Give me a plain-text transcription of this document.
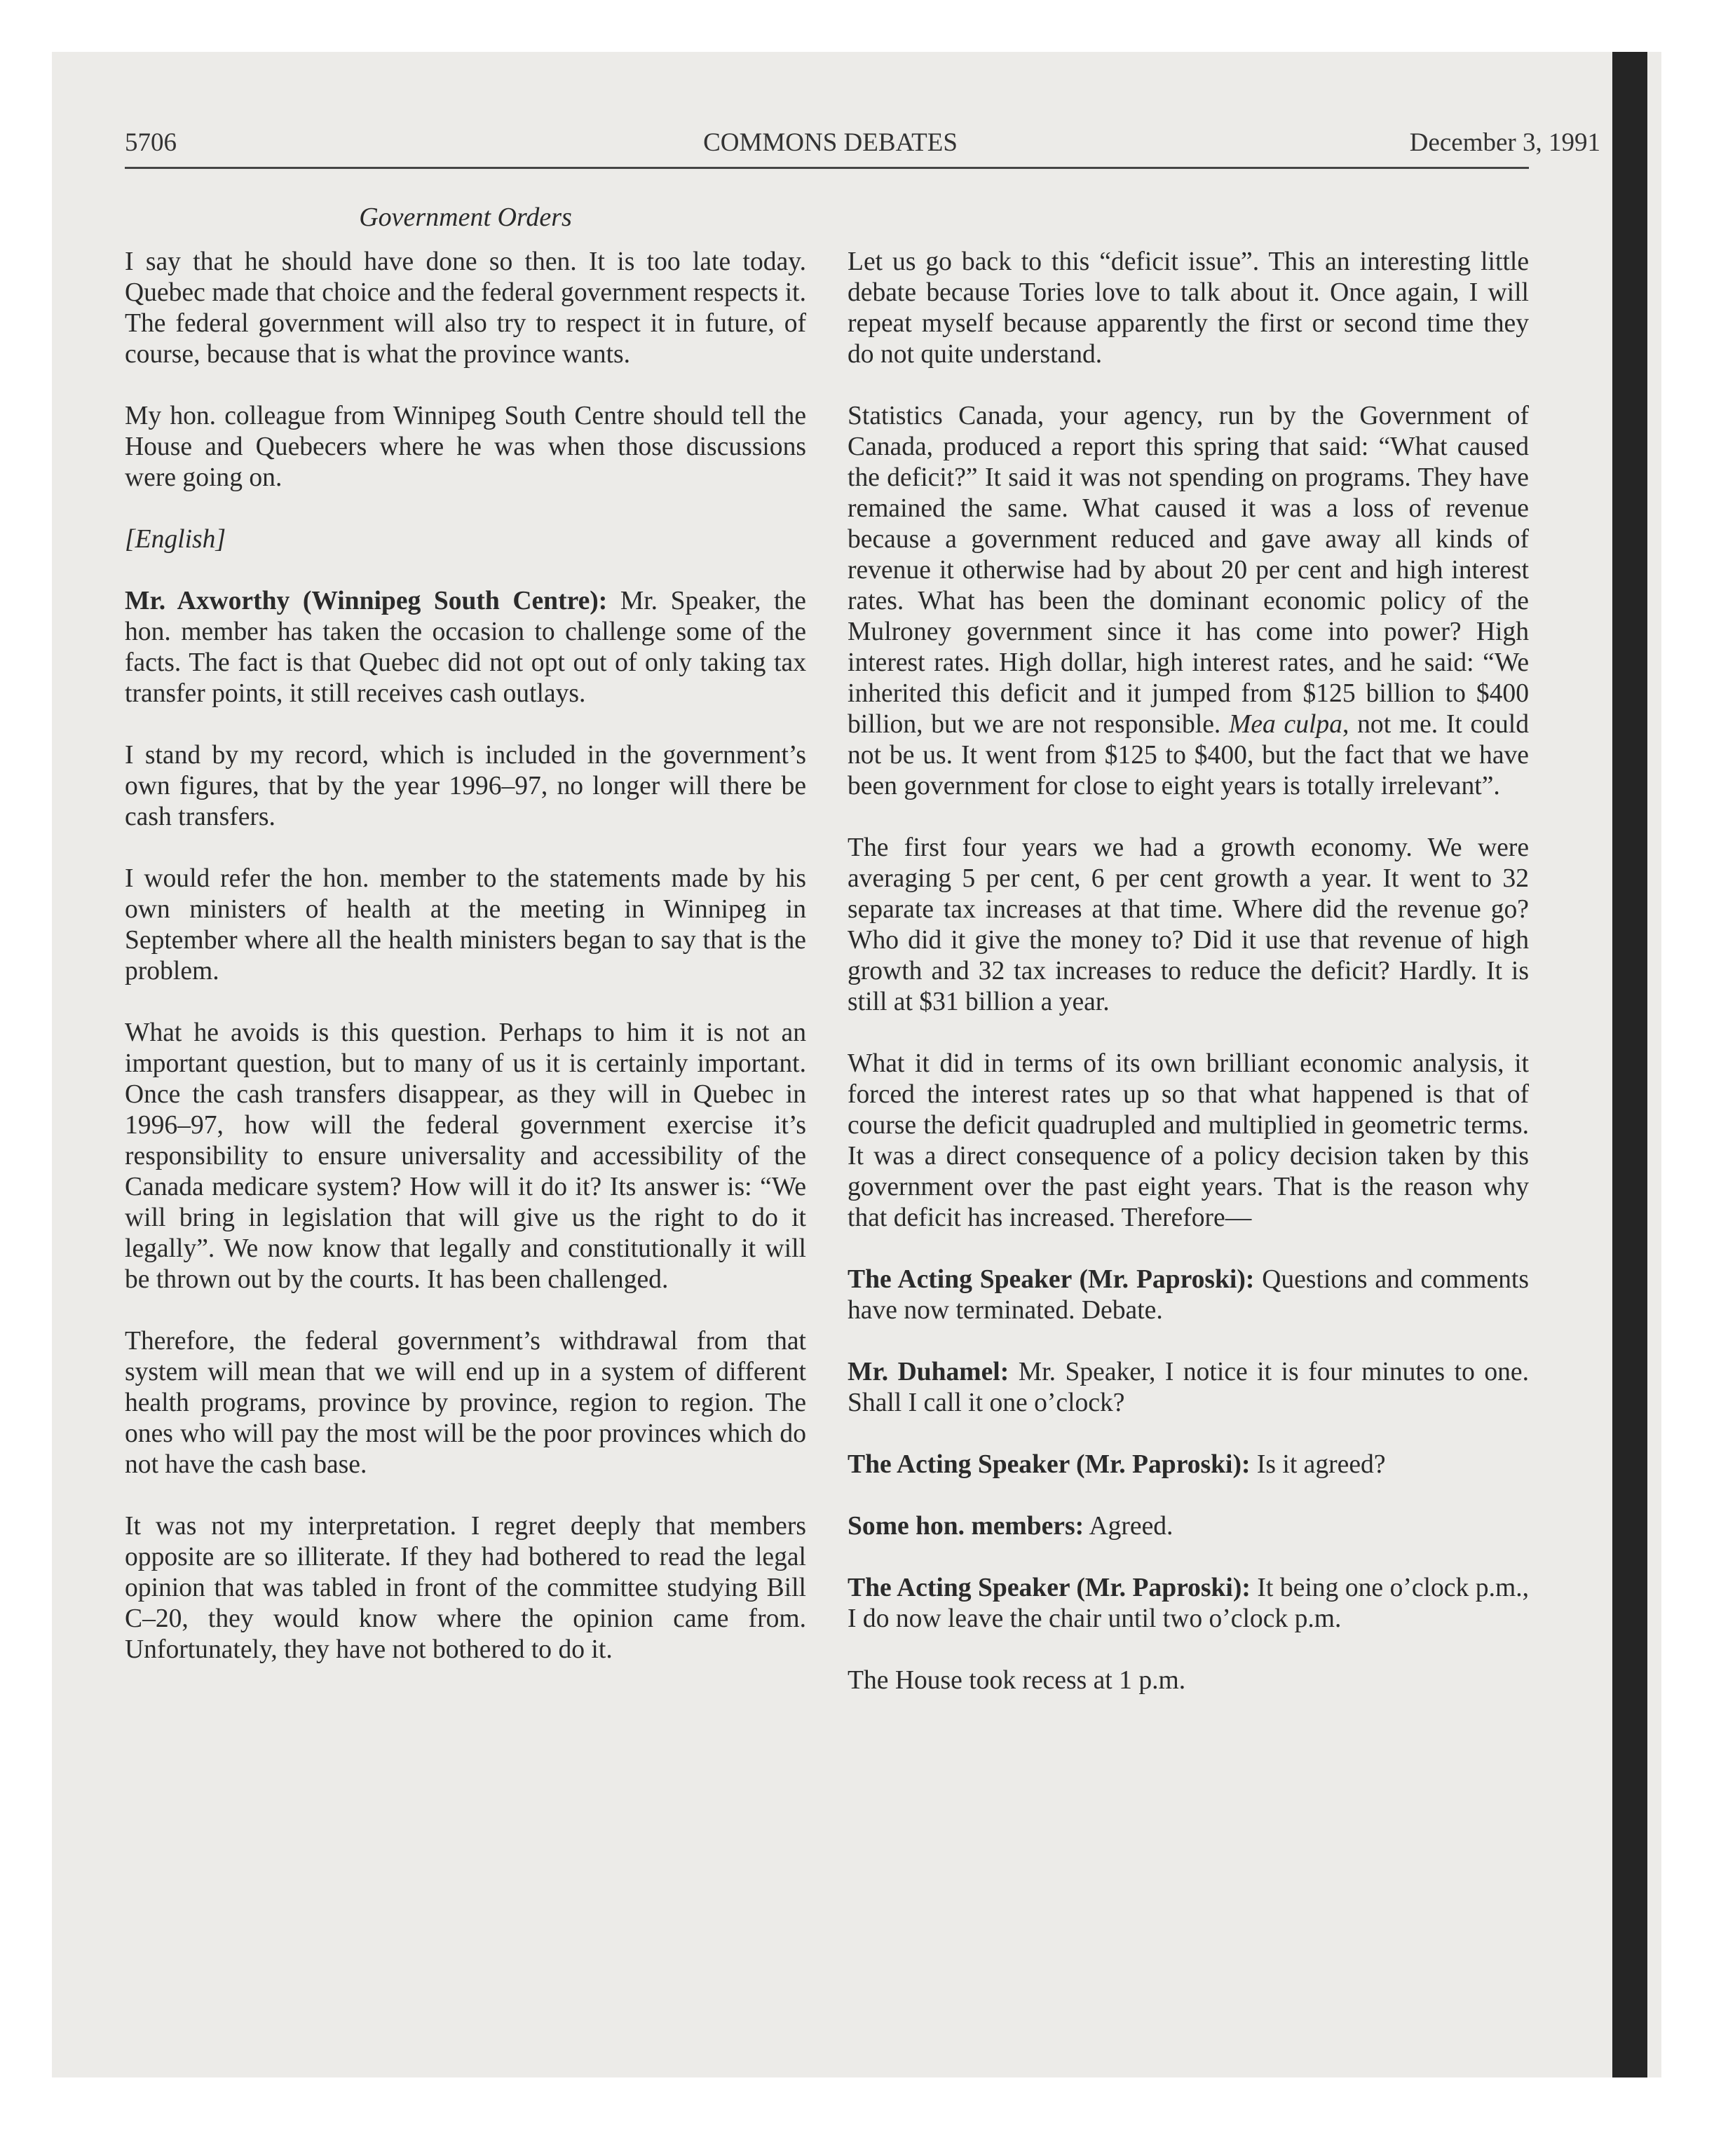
5706	COMMONS DEBATES	December 3, 1991
Government Orders

I say that he should have done so then. It is too late today. Quebec made that choice and the federal government respects it. The federal government will also try to respect it in future, of course, because that is what the province wants.

My hon. colleague from Winnipeg South Centre should tell the House and Quebecers where he was when those discussions were going on.

[English]

Mr. Axworthy (Winnipeg South Centre): Mr. Speaker, the hon. member has taken the occasion to challenge some of the facts. The fact is that Quebec did not opt out of only taking tax transfer points, it still receives cash outlays.

I stand by my record, which is included in the government’s own figures, that by the year 1996–97, no longer will there be cash transfers.

I would refer the hon. member to the statements made by his own ministers of health at the meeting in Winnipeg in September where all the health ministers began to say that is the problem.

What he avoids is this question. Perhaps to him it is not an important question, but to many of us it is certainly important. Once the cash transfers disappear, as they will in Quebec in 1996–97, how will the federal government exercise it’s responsibility to ensure universality and accessibility of the Canada medicare system? How will it do it? Its answer is: “We will bring in legislation that will give us the right to do it legally”. We now know that legally and constitutionally it will be thrown out by the courts. It has been challenged.

Therefore, the federal government’s withdrawal from that system will mean that we will end up in a system of different health programs, province by province, region to region. The ones who will pay the most will be the poor provinces which do not have the cash base.

It was not my interpretation. I regret deeply that members opposite are so illiterate. If they had bothered to read the legal opinion that was tabled in front of the committee studying Bill C–20, they would know where the opinion came from. Unfortunately, they have not bothered to do it.

Let us go back to this “deficit issue”. This an interesting little debate because Tories love to talk about it. Once again, I will repeat myself because apparently the first or second time they do not quite understand.

Statistics Canada, your agency, run by the Government of Canada, produced a report this spring that said: “What caused the deficit?” It said it was not spending on programs. They have remained the same. What caused it was a loss of revenue because a government reduced and gave away all kinds of revenue it otherwise had by about 20 per cent and high interest rates. What has been the dominant economic policy of the Mulroney government since it has come into power? High interest rates. High dollar, high interest rates, and he said: “We inherited this deficit and it jumped from $125 billion to $400 billion, but we are not responsible. Mea culpa, not me. It could not be us. It went from $125 to $400, but the fact that we have been government for close to eight years is totally irrelevant”.

The first four years we had a growth economy. We were averaging 5 per cent, 6 per cent growth a year. It went to 32 separate tax increases at that time. Where did the revenue go? Who did it give the money to? Did it use that revenue of high growth and 32 tax increases to reduce the deficit? Hardly. It is still at $31 billion a year.

What it did in terms of its own brilliant economic analysis, it forced the interest rates up so that what happened is that of course the deficit quadrupled and multiplied in geometric terms. It was a direct consequence of a policy decision taken by this government over the past eight years. That is the reason why that deficit has increased. Therefore—

The Acting Speaker (Mr. Paproski): Questions and comments have now terminated. Debate.

Mr. Duhamel: Mr. Speaker, I notice it is four minutes to one. Shall I call it one o’clock?

The Acting Speaker (Mr. Paproski): Is it agreed?

Some hon. members: Agreed.

The Acting Speaker (Mr. Paproski): It being one o’clock p.m., I do now leave the chair until two o’clock p.m.

The House took recess at 1 p.m.
